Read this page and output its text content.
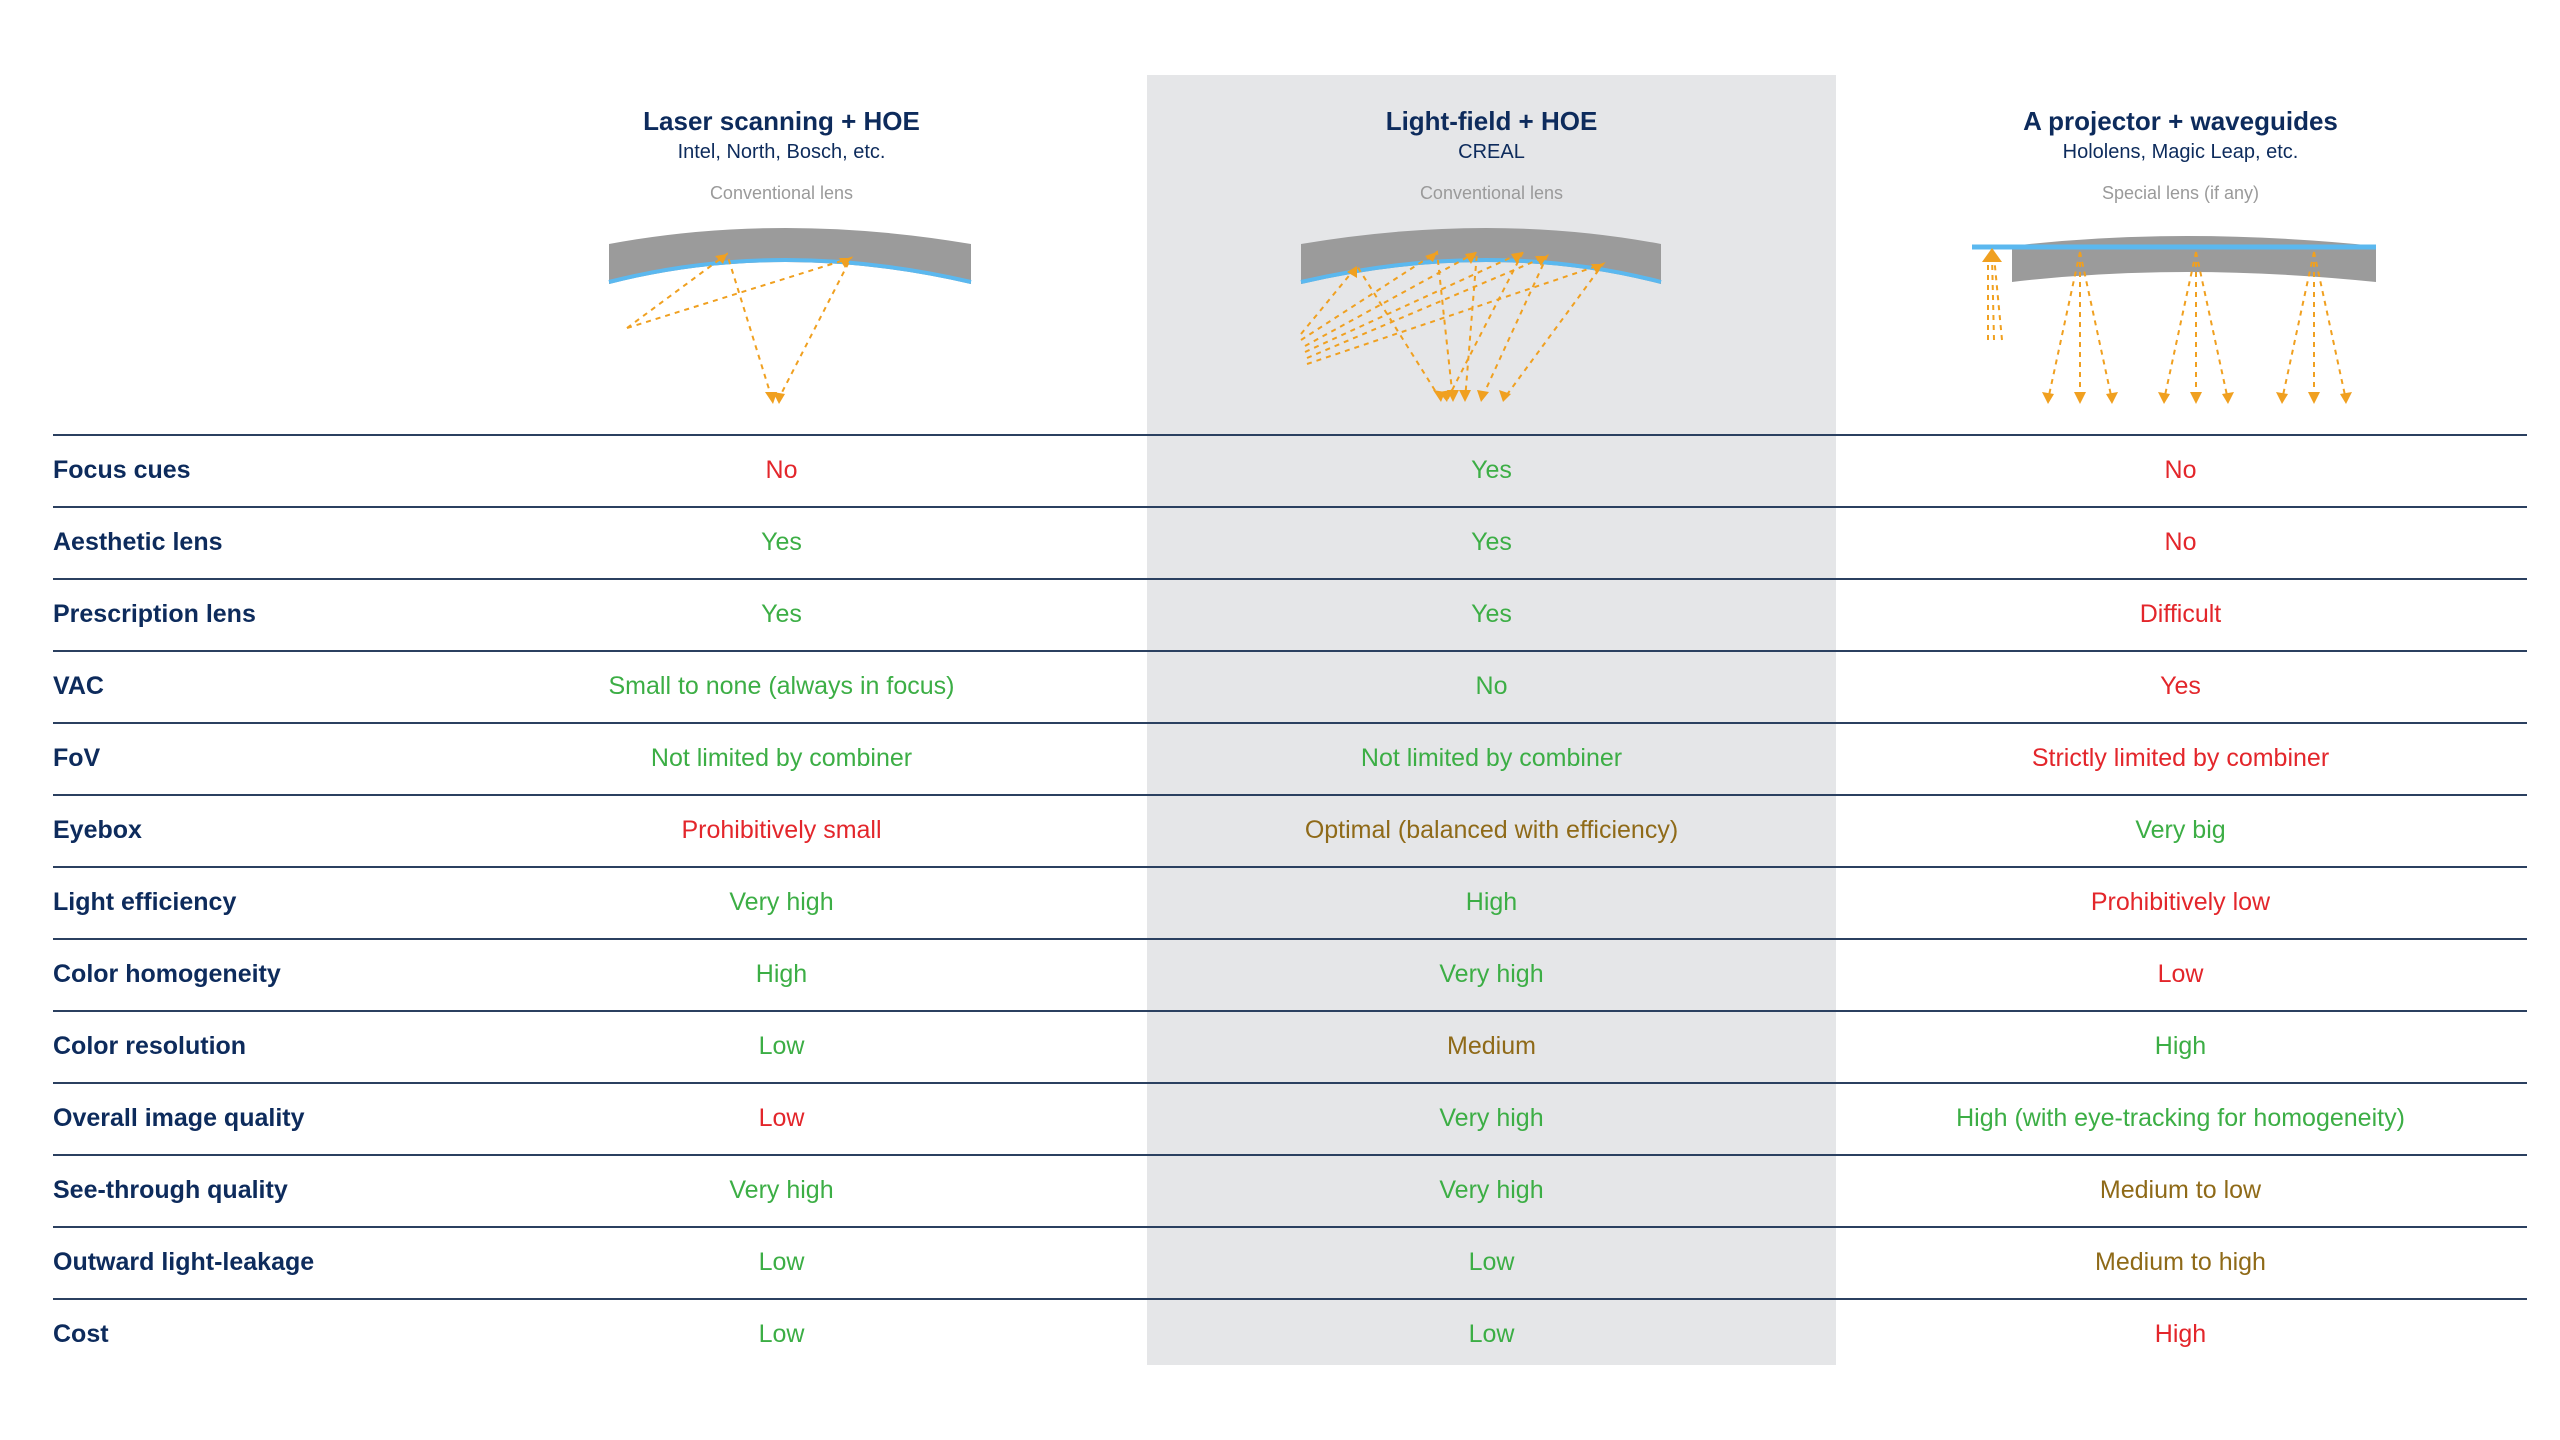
Laser scanning + HOE
Intel, North, Bosch, etc.
Conventional lens
Light-field + HOE
CREAL
Conventional lens
A projector + waveguides
Hololens, Magic Leap, etc.
Special lens (if any)
Focus cues	No	Yes	No
Aesthetic lens	Yes	Yes	No
Prescription lens	Yes	Yes	Difficult
VAC	Small to none (always in focus)	No	Yes
FoV	Not limited by combiner	Not limited by combiner	Strictly limited by combiner
Eyebox	Prohibitively small	Optimal (balanced with efficiency)	Very big
Light efficiency	Very high	High	Prohibitively low
Color homogeneity	High	Very high	Low
Color resolution	Low	Medium	High
Overall image quality	Low	Very high	High (with eye-tracking for homogeneity)
See-through quality	Very high	Very high	Medium to low
Outward light-leakage	Low	Low	Medium to high
Cost	Low	Low	High
